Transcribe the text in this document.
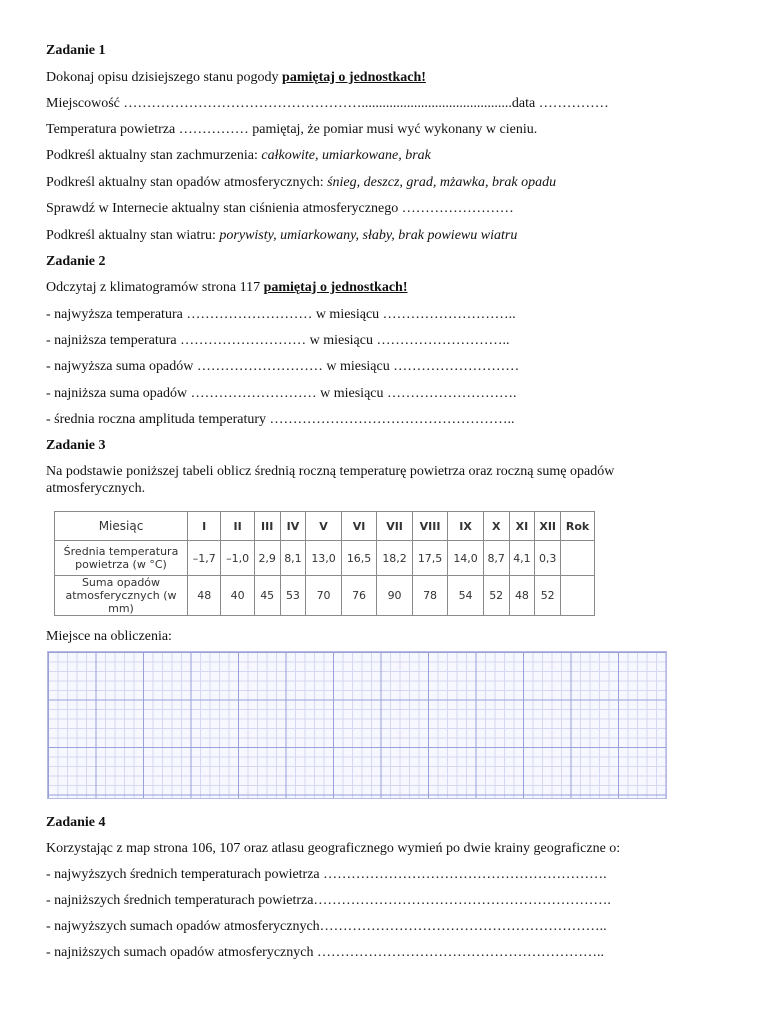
Zadanie 1
Dokonaj opisu dzisiejszego stanu pogody pamiętaj o jednostkach!
Miejscowość ……………………………………………...........................................data ……………
Temperatura powietrza …………… pamiętaj, że pomiar musi wyć wykonany w cieniu.
Podkreśl aktualny stan zachmurzenia: całkowite, umiarkowane, brak
Podkreśl aktualny stan opadów atmosferycznych: śnieg, deszcz, grad, mżawka, brak opadu
Sprawdź w Internecie aktualny stan ciśnienia atmosferycznego ……………………
Podkreśl aktualny stan wiatru: porywisty, umiarkowany, słaby, brak powiewu wiatru
Zadanie 2
Odczytaj z klimatogramów strona 117 pamiętaj o jednostkach!
- najwyższa temperatura ……………………… w miesiącu ………………………..
- najniższa temperatura ……………………… w miesiącu ………………………..
- najwyższa suma opadów ……………………… w miesiącu ………………………
- najniższa suma opadów ……………………… w miesiącu ……………………….
- średnia roczna amplituda temperatury ……………………………………………..
Zadanie 3
Na podstawie poniższej tabeli oblicz średnią roczną temperaturę powietrza oraz roczną sumę opadów
atmosferycznych.
Miesiąc	I	II	III	IV	V	VI	VII	VIII	IX	X	XI	XII	Rok
Średnia temperatura
powietrza (w °C)	–1,7	–1,0	2,9	8,1	13,0	16,5	18,2	17,5	14,0	8,7	4,1	0,3	
Suma opadów
atmosferycznych (w mm)	48	40	45	53	70	76	90	78	54	52	48	52	
Miejsce na obliczenia:
Zadanie 4
Korzystając z map strona 106, 107 oraz atlasu geograficznego wymień po dwie krainy geograficzne o:
- najwyższych średnich temperaturach powietrza …………………………………………………….
- najniższych średnich temperaturach powietrza……………………………………………………….
- najwyższych sumach opadów atmosferycznych……………………………………………………..
- najniższych sumach opadów atmosferycznych ……………………………………………………..
